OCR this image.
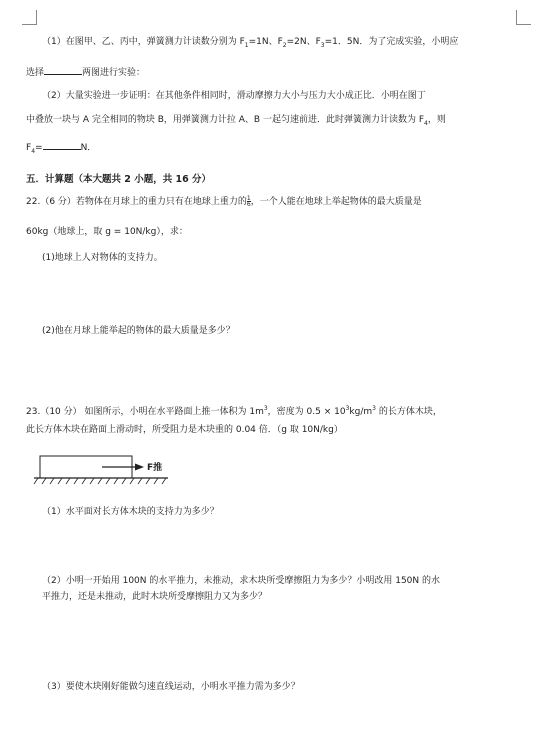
（1）在图甲、乙、丙中，弹簧测力计读数分别为 $F_1=1N$、$F_2=2N$、$F_3=1$．5N．为了完成实验，小明应
选择	两图进行实验：
（2）大量实验进一步证明：在其他条件相同时，滑动摩擦力大小与压力大小成正比．小明在图丁
中叠放一块与 A 完全相同的物块 B，用弹簧测力计拉 A、B 一起匀速前进．此时弹簧测力计读数为 $F_4$，则
$F_4=$	N．
五．计算题（本大题共 2 小题，共 16 分）
22.（6 分）若物体在月球上的重力只有在地球上重力的 $\frac{1}{6}$ ，一个人能在地球上举起物体的最大质量是
60kg（地球上，取 g = 10N/kg），求：
(1)地球上人对物体的支持力。
(2)他在月球上能举起的物体的最大质量是多少？
23.（10 分） 如图所示，小明在水平路面上推一体积为 $1m^3$，密度为 $0.5 \times 10^3kg/m^3$ 的长方体木块，
此长方体木块在路面上滑动时，所受阻力是木块重的 0.04 倍．（g 取 10N/kg）
F推
（1）水平面对长方体木块的支持力为多少？
（2）小明一开始用 100N 的水平推力，未推动，求木块所受摩擦阻力为多少？小明改用 150N 的水
平推力，还是未推动，此时木块所受摩擦阻力又为多少？
（3）要使木块刚好能做匀速直线运动，小明水平推力需为多少？
